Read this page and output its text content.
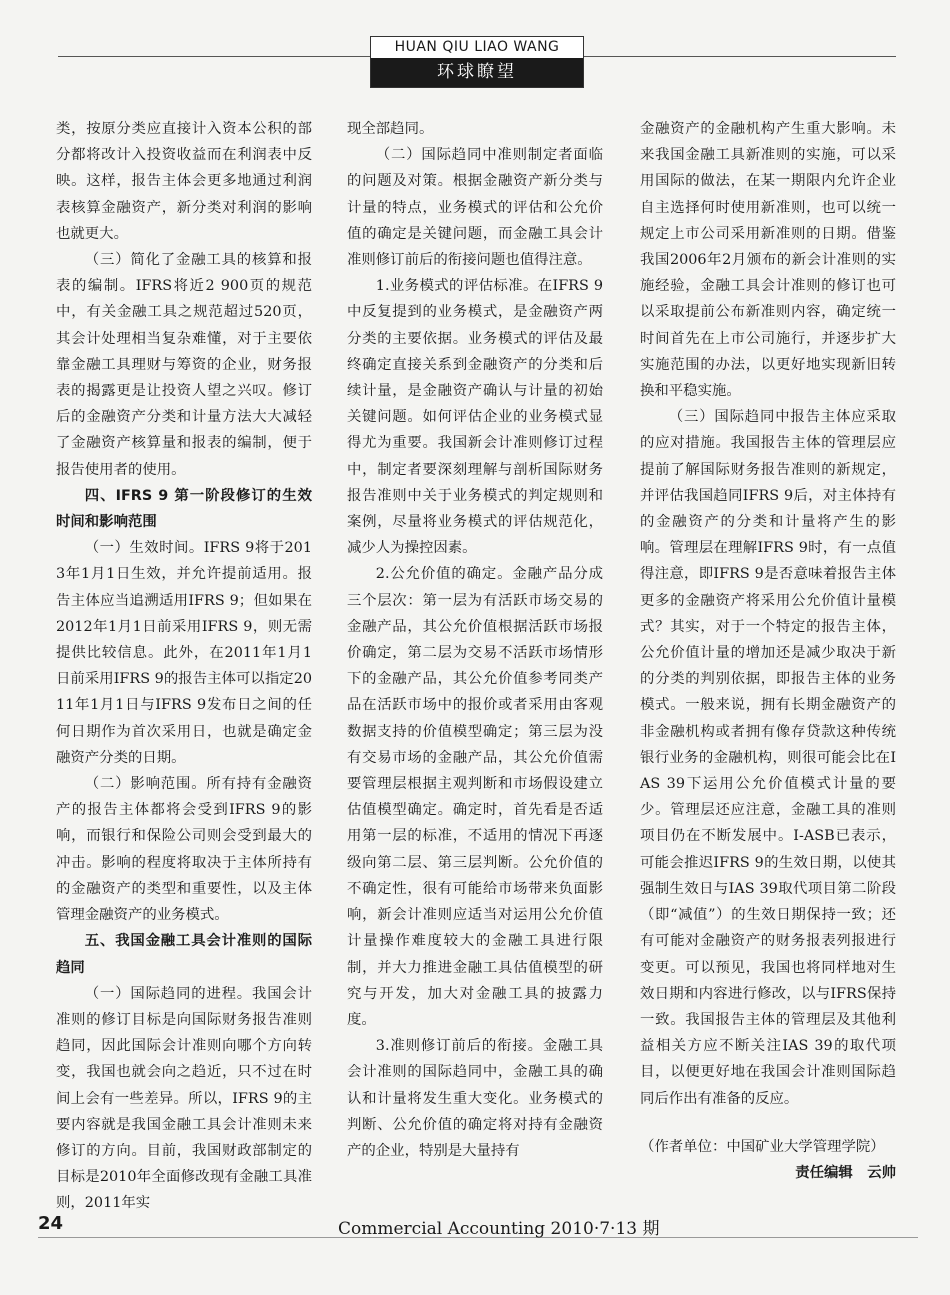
HUAN QIU LIAO WANG
环球瞭望

类，按原分类应直接计入资本公积的部分都将改计入投资收益而在利润表中反映。这样，报告主体会更多地通过利润表核算金融资产，新分类对利润的影响也就更大。

（三）简化了金融工具的核算和报表的编制。IFRS将近2 900页的规范中，有关金融工具之规范超过520页，其会计处理相当复杂难懂，对于主要依靠金融工具理财与筹资的企业，财务报表的揭露更是让投资人望之兴叹。修订后的金融资产分类和计量方法大大减轻了金融资产核算量和报表的编制，便于报告使用者的使用。

四、IFRS 9 第一阶段修订的生效时间和影响范围

（一）生效时间。IFRS 9将于2013年1月1日生效，并允许提前适用。报告主体应当追溯适用IFRS 9；但如果在2012年1月1日前采用IFRS 9，则无需提供比较信息。此外，在2011年1月1日前采用IFRS 9的报告主体可以指定2011年1月1日与IFRS 9发布日之间的任何日期作为首次采用日，也就是确定金融资产分类的日期。

（二）影响范围。所有持有金融资产的报告主体都将会受到IFRS 9的影响，而银行和保险公司则会受到最大的冲击。影响的程度将取决于主体所持有的金融资产的类型和重要性，以及主体管理金融资产的业务模式。

五、我国金融工具会计准则的国际趋同

（一）国际趋同的进程。我国会计准则的修订目标是向国际财务报告准则趋同，因此国际会计准则向哪个方向转变，我国也就会向之趋近，只不过在时间上会有一些差异。所以，IFRS 9的主要内容就是我国金融工具会计准则未来修订的方向。目前，我国财政部制定的目标是2010年全面修改现有金融工具准则，2011年实

现全部趋同。

（二）国际趋同中准则制定者面临的问题及对策。根据金融资产新分类与计量的特点，业务模式的评估和公允价值的确定是关键问题，而金融工具会计准则修订前后的衔接问题也值得注意。

1.业务模式的评估标准。在IFRS 9中反复提到的业务模式，是金融资产两分类的主要依据。业务模式的评估及最终确定直接关系到金融资产的分类和后续计量，是金融资产确认与计量的初始关键问题。如何评估企业的业务模式显得尤为重要。我国新会计准则修订过程中，制定者要深刻理解与剖析国际财务报告准则中关于业务模式的判定规则和案例，尽量将业务模式的评估规范化，减少人为操控因素。

2.公允价值的确定。金融产品分成三个层次：第一层为有活跃市场交易的金融产品，其公允价值根据活跃市场报价确定，第二层为交易不活跃市场情形下的金融产品，其公允价值参考同类产品在活跃市场中的报价或者采用由客观数据支持的价值模型确定；第三层为没有交易市场的金融产品，其公允价值需要管理层根据主观判断和市场假设建立估值模型确定。确定时，首先看是否适用第一层的标准，不适用的情况下再逐级向第二层、第三层判断。公允价值的不确定性，很有可能给市场带来负面影响，新会计准则应适当对运用公允价值计量操作难度较大的金融工具进行限制，并大力推进金融工具估值模型的研究与开发，加大对金融工具的披露力度。

3.准则修订前后的衔接。金融工具会计准则的国际趋同中，金融工具的确认和计量将发生重大变化。业务模式的判断、公允价值的确定将对持有金融资产的企业，特别是大量持有

金融资产的金融机构产生重大影响。未来我国金融工具新准则的实施，可以采用国际的做法，在某一期限内允许企业自主选择何时使用新准则，也可以统一规定上市公司采用新准则的日期。借鉴我国2006年2月颁布的新会计准则的实施经验，金融工具会计准则的修订也可以采取提前公布新准则内容，确定统一时间首先在上市公司施行，并逐步扩大实施范围的办法，以更好地实现新旧转换和平稳实施。

（三）国际趋同中报告主体应采取的应对措施。我国报告主体的管理层应提前了解国际财务报告准则的新规定，并评估我国趋同IFRS 9后，对主体持有的金融资产的分类和计量将产生的影响。管理层在理解IFRS 9时，有一点值得注意，即IFRS 9是否意味着报告主体更多的金融资产将采用公允价值计量模式？其实，对于一个特定的报告主体，公允价值计量的增加还是减少取决于新的分类的判别依据，即报告主体的业务模式。一般来说，拥有长期金融资产的非金融机构或者拥有像存贷款这种传统银行业务的金融机构，则很可能会比在IAS 39下运用公允价值模式计量的要少。管理层还应注意，金融工具的准则项目仍在不断发展中。I-ASB已表示，可能会推迟IFRS 9的生效日期，以使其强制生效日与IAS 39取代项目第二阶段（即“减值”）的生效日期保持一致；还有可能对金融资产的财务报表列报进行变更。可以预见，我国也将同样地对生效日期和内容进行修改，以与IFRS保持一致。我国报告主体的管理层及其他利益相关方应不断关注IAS 39的取代项目，以便更好地在我国会计准则国际趋同后作出有准备的反应。

（作者单位：中国矿业大学管理学院）

责任编辑　云帅

24	Commercial Accounting 2010·7·13 期
